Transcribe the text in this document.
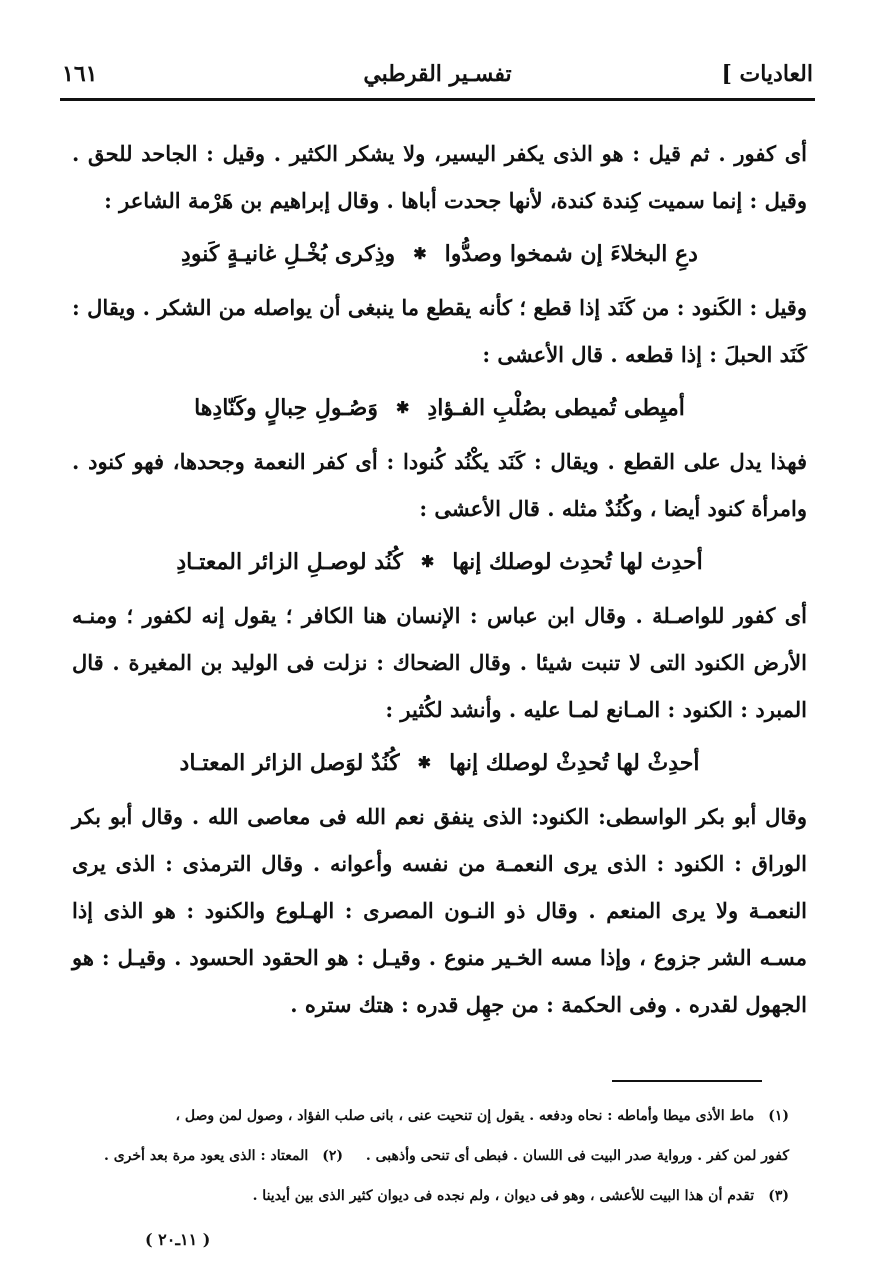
العاديات ]
تفسـير القرطبي
١٦١

أى كفور . ثم قيل : هو الذى يكفر اليسير، ولا يشكر الكثير . وقيل : الجاحد للحق . وقيل : إنما سميت كِندة كندة، لأنها جحدت أباها . وقال إبراهيم بن هَرْمة الشاعر :

دعِ البخلاءَ إن شمخوا وصدُّوا
✱
وذِكرى بُخْـلِ غانيـةٍ كَنودِ

وقيل : الكَنود : من كَنَد إذا قطع ؛ كأنه يقطع ما ينبغى أن يواصله من الشكر . ويقال : كَنَد الحبلَ : إذا قطعه . قال الأعشى :

أميِطى تُميطى بصُلْبِ الفـؤادِ
✱
وَصُـولِ حِبالٍ وكَنّادِها

فهذا يدل على القطع . ويقال : كَنَد يكْنُد كُنودا : أى كفر النعمة وجحدها، فهو كنود . وامرأة كنود أيضا ، وكُنُدٌ مثله . قال الأعشى :

أحدِث لها تُحدِث لوصلك إنها
✱
كُنُد لوصـلِ الزائر المعتـادِ

أى كفور للواصـلة . وقال ابن عباس : الإنسان هنا الكافر ؛ يقول إنه لكفور ؛ ومنـه الأرض الكنود التى لا تنبت شيئا . وقال الضحاك : نزلت فى الوليد بن المغيرة . قال المبرد : الكنود : المـانع لمـا عليه . وأنشد لكُثير :

أحدِثْ لها تُحدِثْ لوصلك إنها
✱
كُنُدٌ لوَصل الزائر المعتـاد

وقال أبو بكر الواسطى: الكنود: الذى ينفق نعم الله فى معاصى الله . وقال أبو بكر الوراق : الكنود : الذى يرى النعمـة من نفسه وأعوانه . وقال الترمذى : الذى يرى النعمـة ولا يرى المنعم . وقال ذو النـون المصرى : الهـلوع والكنود : هو الذى إذا مسـه الشر جزوع ، وإذا مسه الخـير منوع . وقيـل : هو الحقود الحسود . وقيـل : هو الجهول لقدره . وفى الحكمة : من جهِل قدره : هتك ستره .

(١)ماط الأذى ميطا وأماطه : نحاه ودفعه . يقول إن تنحيت عنى ، بانى صلب الفؤاد ، وصول لمن وصل ،

كفور لمن كفر . ورواية صدر البيت فى اللسان . فبطى أى تنحى وأذهبى . (٢)المعتاد : الذى يعود مرة بعد أخرى .

(٣)تقدم أن هذا البيت للأعشى ، وهو فى ديوان ، ولم نجده فى ديوان كثير الذى بين أيدينا .

( ١١ـ٢٠ )
